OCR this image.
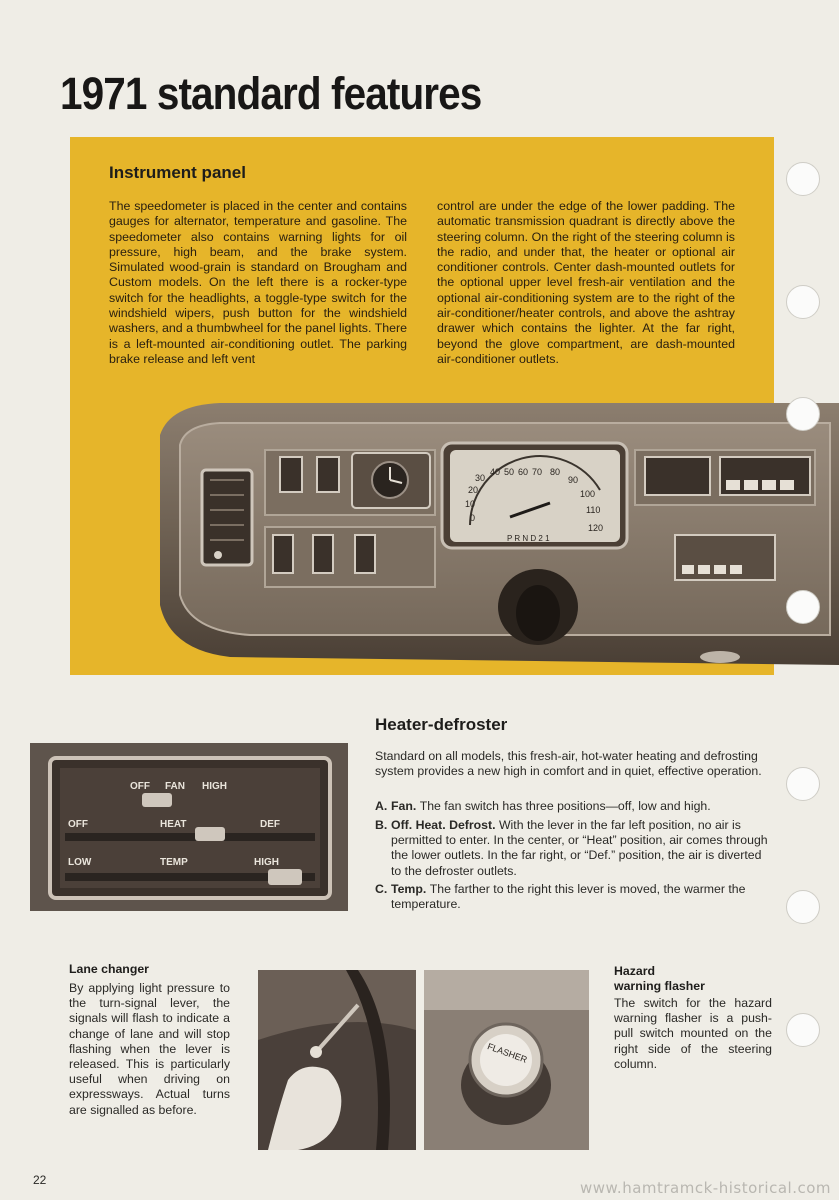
1971 standard features
Instrument panel
The speedometer is placed in the center and contains gauges for alternator, temperature and gasoline. The speedometer also contains warning lights for oil pressure, high beam, and the brake system. Simulated wood-grain is standard on Brougham and Custom models. On the left there is a rocker-type switch for the headlights, a toggle-type switch for the windshield wipers, push button for the windshield washers, and a thumbwheel for the panel lights. There is a left-mounted air-conditioning outlet. The parking brake release and left vent
control are under the edge of the lower padding. The automatic transmission quadrant is directly above the steering column. On the right of the steering column is the radio, and under that, the heater or optional air conditioner controls. Center dash-mounted outlets for the optional upper level fresh-air ventilation and the optional air-conditioning system are to the right of the air-conditioner/heater controls, and above the ashtray drawer which contains the lighter. At the far right, beyond the glove compartment, are dash-mounted air-conditioner outlets.
0
10
20
30
40 50 60 70 80
90
100
110
120
P R N D 2 1
OFF FAN HIGH
OFF	HEAT	DEF
LOW	TEMP	HIGH
Heater-defroster
Standard on all models, this fresh-air, hot-water heating and defrosting system provides a new high in comfort and in quiet, effective operation.
A. Fan. The fan switch has three positions—off, low and high.
B. Off. Heat. Defrost. With the lever in the far left position, no air is permitted to enter. In the center, or “Heat” position, air comes through the lower outlets. In the far right, or “Def.” position, the air is diverted to the defroster outlets.
C. Temp. The farther to the right this lever is moved, the warmer the temperature.
Lane changer
By applying light pressure to the turn-signal lever, the signals will flash to indicate a change of lane and will stop flashing when the lever is released. This is particularly useful when driving on expressways. Actual turns are signalled as before.
FLASHER
Hazard
warning flasher
The switch for the hazard warning flasher is a push-pull switch mounted on the right side of the steering column.
22	www.hamtramck-historical.com
